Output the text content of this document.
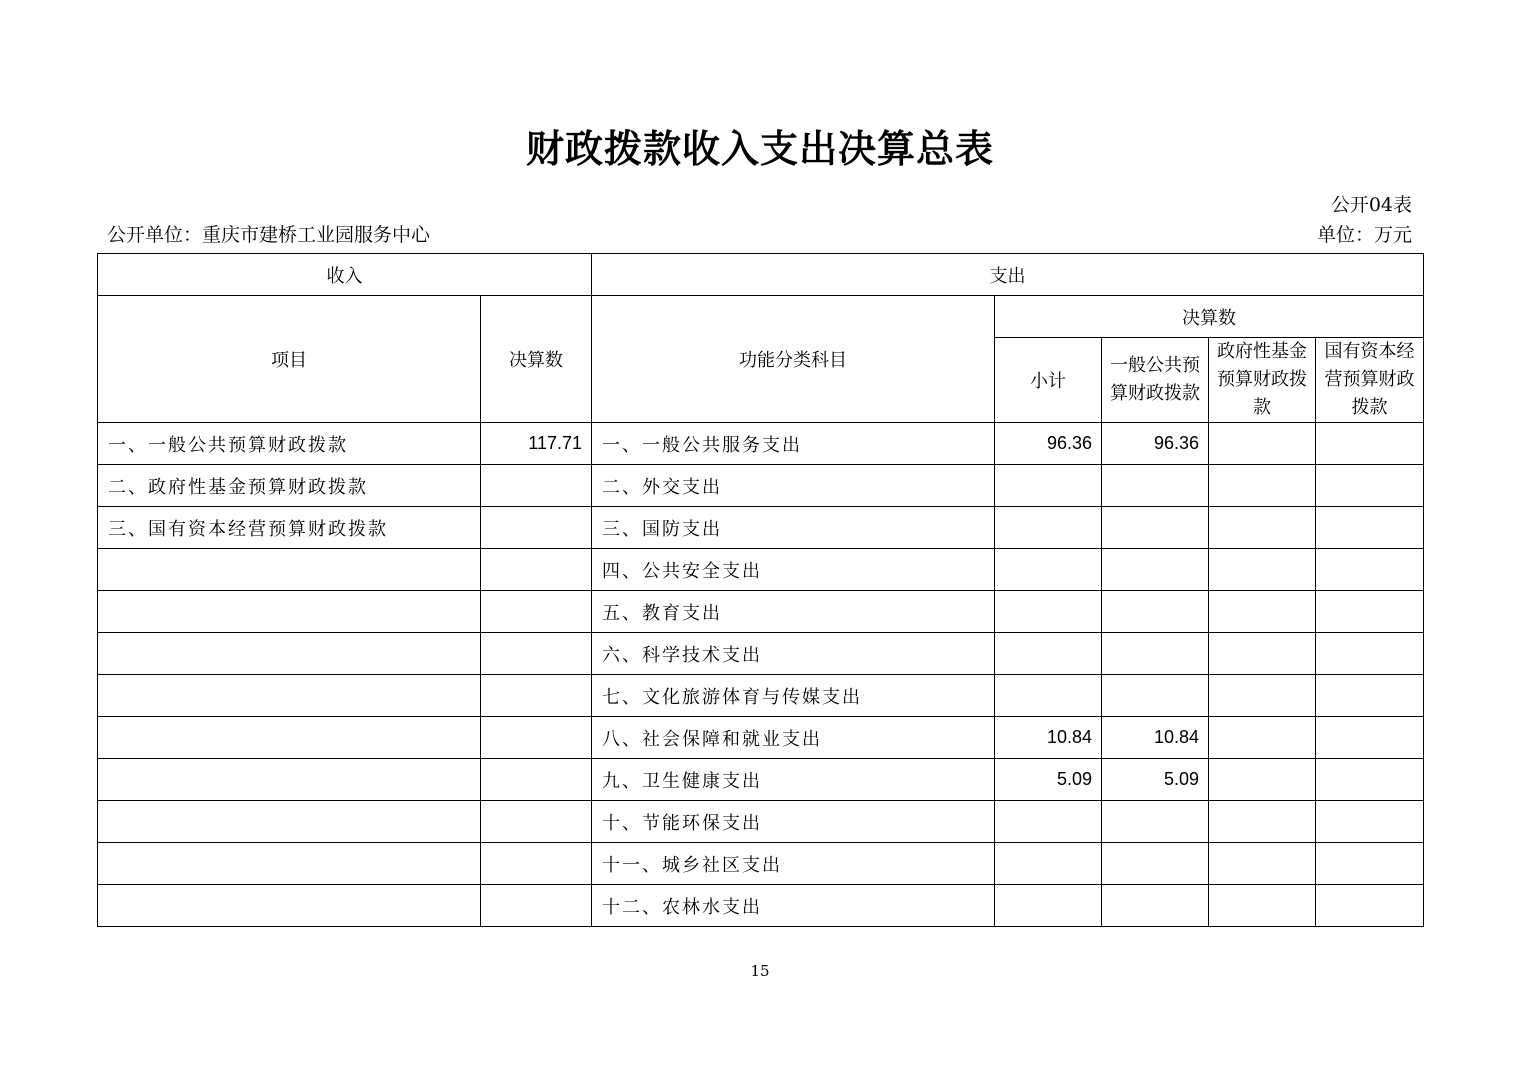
财政拨款收入支出决算总表
公开04表
公开单位：重庆市建桥工业园服务中心	单位：万元
收入		支出				
项目	决算数	功能分类科目	决算数			
			小计	一般公共预算财政拨款	政府性基金预算财政拨款	国有资本经营预算财政拨款
一、一般公共预算财政拨款	117.71	一、一般公共服务支出	96.36	96.36		
二、政府性基金预算财政拨款		二、外交支出				
三、国有资本经营预算财政拨款		三、国防支出				
		四、公共安全支出				
		五、教育支出				
		六、科学技术支出				
		七、文化旅游体育与传媒支出				
		八、社会保障和就业支出	10.84	10.84		
		九、卫生健康支出	5.09	5.09		
		十、节能环保支出				
		十一、城乡社区支出				
		十二、农林水支出				
15
